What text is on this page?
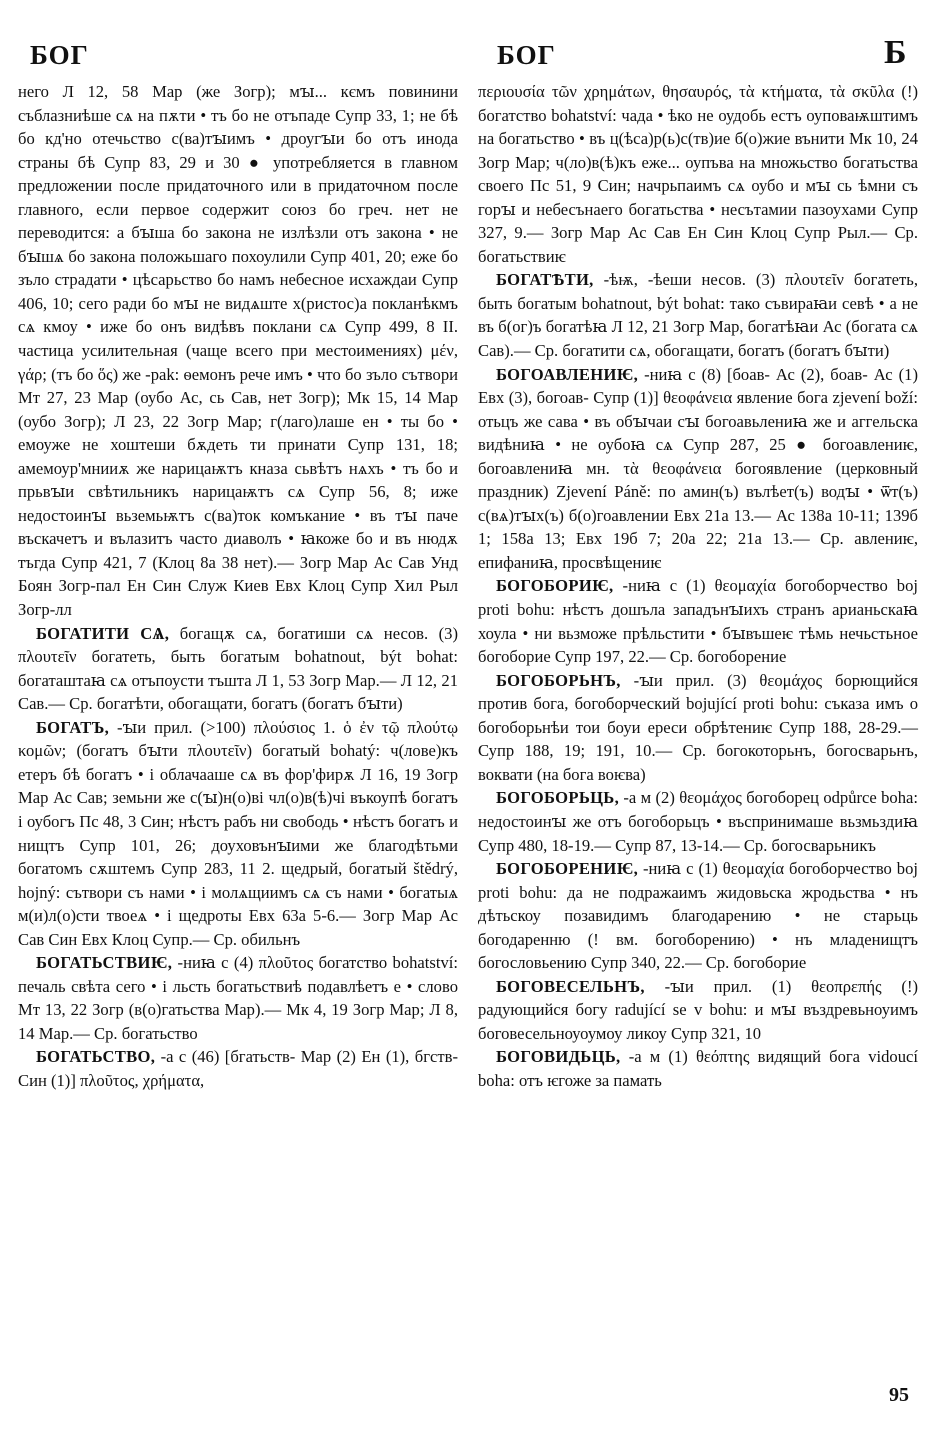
БОГ	БОГ	Б

него Л 12, 58 Мар (же Зогр); мꙑ... кємъ повинини съблазниѣше сѧ на пѫти • тъ бо не отъпаде Супр 33, 1; не бѣ бо кд'но отечьство с(ва)тꙑимъ • дроугꙑи бо отъ инода страны бѣ Супр 83, 29 и 30 ● употребляется в главном предложении после придаточного или в придаточном после главного, если первое содержит союз бо греч. нет не переводится: а бꙑша бо закона не излѣзли отъ закона • не бꙑшѧ бо закона положьшаго похоулили Супр 401, 20; еже бо зъло страдати • цѣсарьство бо намъ небесное исхаждаи Супр 406, 10; сего ради бо мꙑ не видѧште х(ристос)а покланѣкмъ сѧ кмоу • иже бо онъ видѣвъ поклани сѧ Супр 499, 8 II. частица усилительная (чаще всего при местоимениях) μέν, γάρ; (тъ бо ὅς) же -pak: ѳемонъ рече имъ • что бо зъло сътвори Мт 27, 23 Мар (оубо Ас, сь Сав, нет Зогр); Мк 15, 14 Мар (оубо Зогр); Л 23, 22 Зогр Мар; г(лаго)лаше ен • ты бо • емоуже не хоштеши бѫдеть ти принати Супр 131, 18; амемоур'мнииѫ же нарицаѭтъ кназа сьвѣтъ нѧхъ • тъ бо и прьвꙑи свѣтильникъ нарицаѭтъ сѧ Супр 56, 8; иже недостоинꙑ вьземьѭтъ с(ва)ток комъкание • въ тꙑ паче въскачетъ и вълазитъ часто диаволъ • ꙗкоже бо и въ нюдѫ тъгда Супр 421, 7 (Клоц 8а 38 нет).— Зогр Мар Ас Сав Унд Боян Зогр-пал Ен Син Служ Киев Евх Клоц Супр Хил Рыл Зогр-лл

БОГАТИТИ СѦ, богащѫ сѧ, богатиши сѧ несов. (3) πλουτεῖν богатеть, быть богатым bohatnout, být bohat: богаташтаꙗ сѧ отъпоусти тъшта Л 1, 53 Зогр Мар.— Л 12, 21 Сав.— Ср. богатѣти, обогащати, богатъ (богатъ бꙑти)

БОГАТЪ, -ꙑи прил. (>100) πλούσιος 1. ὁ ἐν τῷ πλούτῳ κομῶν; (богатъ бꙑти πλουτεῖν) богатый bohatý: ч(лове)къ етеръ бѣ богатъ • і облачааше сѧ въ фор'фирѫ Л 16, 19 Зогр Мар Ас Сав; земьни же с(ꙑ)н(о)ві чл(о)в(ѣ)чі въкоупѣ богатъ і оубогъ Пс 48, 3 Син; нѣстъ рабъ ни свободь • нѣстъ богатъ и нищтъ Супр 101, 26; доуховънꙑими же благодѣтьми богатомъ сѫштемъ Супр 283, 11 2. щедрый, богатый štědrý, hojný: сътвори съ нами • і молѧщиимъ сѧ съ нами • богатыѧ м(и)л(о)сти твоеѧ • і щедроты Евх 63а 5-6.— Зогр Мар Ас Сав Син Евх Клоц Супр.— Ср. обильнъ

БОГАТЬСТВИѤ, -ниꙗ с (4) πλοῦτος богатство bohatství: печаль свѣта сего • і льсть богатьствиѣ подавлѣетъ е • слово Мт 13, 22 Зогр (в(о)гатьства Мар).— Мк 4, 19 Зогр Мар; Л 8, 14 Мар.— Ср. богатьство

БОГАТЬСТВО, -а с (46) [бгатьств- Мар (2) Ен (1), бгств- Син (1)] πλοῦτος, χρήματα,

περιουσία τῶν χρημάτων, θησαυρός, τὰ κτήματα, τὰ σκῦλα (!) богатство bohatství: чада • ѣко не оудобь естъ оуповаѭштимъ на богатьство • въ ц(ѣса)р(ь)с(тв)ие б(о)жие вънити Мк 10, 24 Зогр Мар; ч(ло)в(ѣ)къ еже... оупъва на множьство богатьства своего Пс 51, 9 Син; начрьпаимъ сѧ оубо и мꙑ сь ѣмни съ горꙑ и небесънаего богатьства • несътамии пазоухами Супр 327, 9.— Зогр Мар Ас Сав Ен Син Клоц Супр Рыл.— Ср. богатьствиѥ

БОГАТѢТИ, -ѣѭ, -ѣеши несов. (3) πλουτεῖν богатеть, быть богатым bohatnout, být bohat: тако съвираꙗи севѣ • а не въ б(ог)ъ богатѣꙗ Л 12, 21 Зогр Мар, богатѣꙗи Ас (богата сѧ Сав).— Ср. богатити сѧ, обогащати, богатъ (богатъ бꙑти)

БОГОАВЛЕНИѤ, -ниꙗ с (8) [боав- Ас (2), боав- Ас (1) Евх (3), богоав- Супр (1)] θεοφάνεια явление бога zjevení boží: отьцъ же сава • въ обꙑчаи сꙑ богоавьлениꙗ же и аггельска видѣниꙗ • не оубоꙗ сѧ Супр 287, 25 ● богоавлениѥ, богоавлениꙗ мн. τὰ θεοφάνεια богоявление (церковный праздник) Zjevení Páně: по амин(ъ) вълѣет(ъ) водꙑ • ѿт(ъ) с(вѧ)тꙑх(ъ) б(о)гоавлении Евх 21а 13.— Ас 138а 10-11; 139б 1; 158а 13; Евх 19б 7; 20а 22; 21а 13.— Ср. авлениѥ, епифаниꙗ, просвѣщениѥ

БОГОБОРИѤ, -ниꙗ с (1) θεομαχία богоборчество boj proti bohu: нѣстъ дошъла западънꙑихъ странъ арианьскаꙗ хоула • ни вьзможе прѣльстити • бꙑвъшеѥ тѣмь нечьстьное богоборие Супр 197, 22.— Ср. богоборение

БОГОБОРЬНЪ, -ꙑи прил. (3) θεομάχος борющийся против бога, богоборческий bojující proti bohu: съказа имъ о богоборьнѣи тои боуи ереси обрѣтениѥ Супр 188, 28-29.— Супр 188, 19; 191, 10.— Ср. богокоторьнъ, богосварьнъ, воквати (на бога воѥва)

БОГОБОРЬЦЬ, -а м (2) θεομάχος богоборец odpůrce boha: недостоинꙑ же отъ богоборьцъ • въспринимаше вьзмьздиꙗ Супр 480, 18-19.— Супр 87, 13-14.— Ср. богосварьникъ

БОГОБОРЕНИѤ, -ниꙗ с (1) θεομαχία богоборчество boj proti bohu: да не подражаимъ жидовьска жродьства • нъ дѣтьскоу позавидимъ благодарению • не старьць богодаренню (! вм. богоборению) • нъ младенищтъ богословьению Супр 340, 22.— Ср. богоборие

БОГОВЕСЕЛЬНЪ, -ꙑи прил. (1) θεοπρεπής (!) радующийся богу radující se v bohu: и мꙑ въздревьноуимъ боговесельноуоумоу ликоу Супр 321, 10

БОГОВИДЬЦЬ, -а м (1) θεόπτης видящий бога vidoucí boha: отъ ѥгоже за памать

95
